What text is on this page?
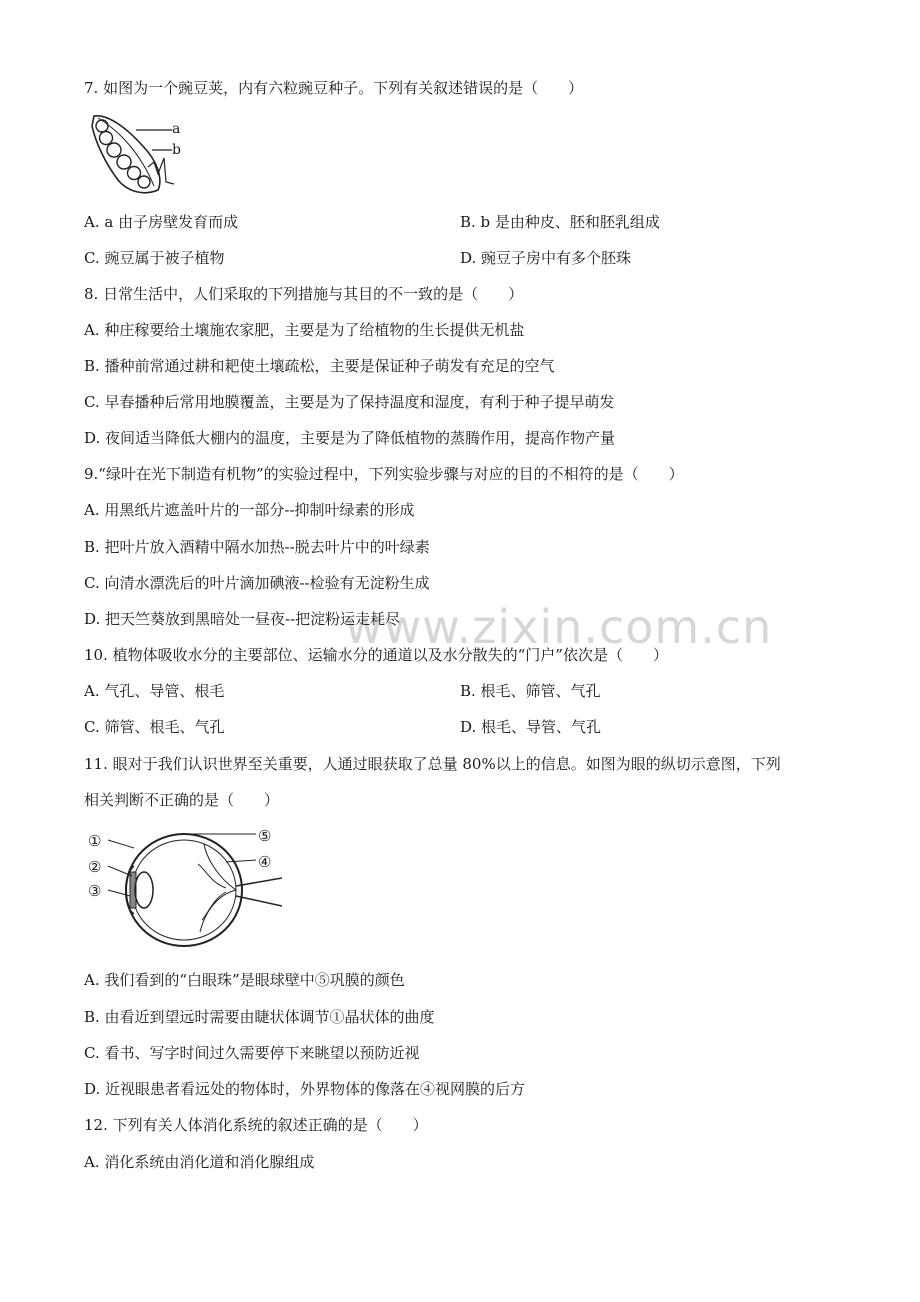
www.zixin.com.cn
7. 如图为一个豌豆荚，内有六粒豌豆种子。下列有关叙述错误的是（　　）
a
b
A. a 由子房壁发育而成	B. b 是由种皮、胚和胚乳组成
C. 豌豆属于被子植物	D. 豌豆子房中有多个胚珠
8. 日常生活中，人们采取的下列措施与其目的不一致的是（　　）
A. 种庄稼要给土壤施农家肥，主要是为了给植物的生长提供无机盐
B. 播种前常通过耕和耙使土壤疏松，主要是保证种子萌发有充足的空气
C. 早春播种后常用地膜覆盖，主要是为了保持温度和湿度，有利于种子提早萌发
D. 夜间适当降低大棚内的温度，主要是为了降低植物的蒸腾作用，提高作物产量
9.“绿叶在光下制造有机物”的实验过程中，下列实验步骤与对应的目的不相符的是（　　）
A. 用黑纸片遮盖叶片的一部分--抑制叶绿素的形成
B. 把叶片放入酒精中隔水加热--脱去叶片中的叶绿素
C. 向清水漂洗后的叶片滴加碘液--检验有无淀粉生成
D. 把天竺葵放到黑暗处一昼夜--把淀粉运走耗尽
10. 植物体吸收水分的主要部位、运输水分的通道以及水分散失的“门户”依次是（　　）
A. 气孔、导管、根毛	B. 根毛、筛管、气孔
C. 筛管、根毛、气孔	D. 根毛、导管、气孔
11. 眼对于我们认识世界至关重要，人通过眼获取了总量 80%以上的信息。如图为眼的纵切示意图，下列
相关判断不正确的是（　　）
①
②
③
④
⑤
A. 我们看到的“白眼珠”是眼球壁中⑤巩膜的颜色
B. 由看近到望远时需要由睫状体调节①晶状体的曲度
C. 看书、写字时间过久需要停下来眺望以预防近视
D. 近视眼患者看远处的物体时，外界物体的像落在④视网膜的后方
12. 下列有关人体消化系统的叙述正确的是（　　）
A. 消化系统由消化道和消化腺组成
